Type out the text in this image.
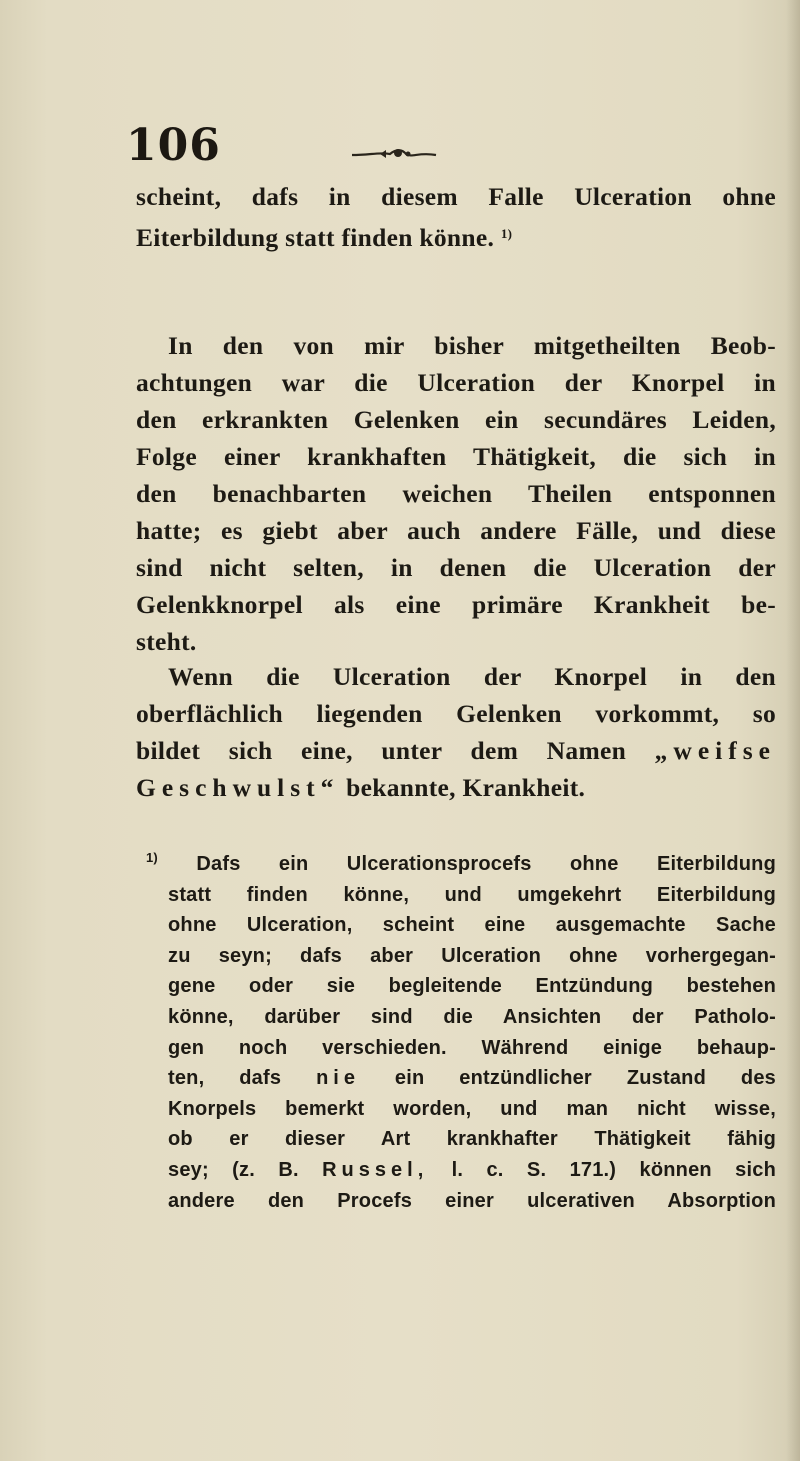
106
scheint, dafs in diesem Falle Ulceration ohne
Eiterbildung statt finden könne. $^{1)}$
In den von mir bisher mitgetheilten Beob-
achtungen war die Ulceration der Knorpel in
den erkrankten Gelenken ein secundäres Leiden,
Folge einer krankhaften Thätigkeit, die sich in
den benachbarten weichen Theilen entsponnen
hatte; es giebt aber auch andere Fälle, und diese
sind nicht selten, in denen die Ulceration der
Gelenkknorpel als eine primäre Krankheit be-
steht.
Wenn die Ulceration der Knorpel in den
oberflächlich liegenden Gelenken vorkommt, so
bildet sich eine, unter dem Namen „weifse
Geschwulst“ bekannte, Krankheit.
$^{1)}$ Dafs ein Ulcerationsprocefs ohne Eiterbildung
statt finden könne, und umgekehrt Eiterbildung
ohne Ulceration, scheint eine ausgemachte Sache
zu seyn; dafs aber Ulceration ohne vorhergegan-
gene oder sie begleitende Entzündung bestehen
könne, darüber sind die Ansichten der Patholo-
gen noch verschieden. Während einige behaup-
ten, dafs nie ein entzündlicher Zustand des
Knorpels bemerkt worden, und man nicht wisse,
ob er dieser Art krankhafter Thätigkeit fähig
sey; (z. B. Russel, l. c. S. 171.) können sich
andere den Procefs einer ulcerativen Absorption
